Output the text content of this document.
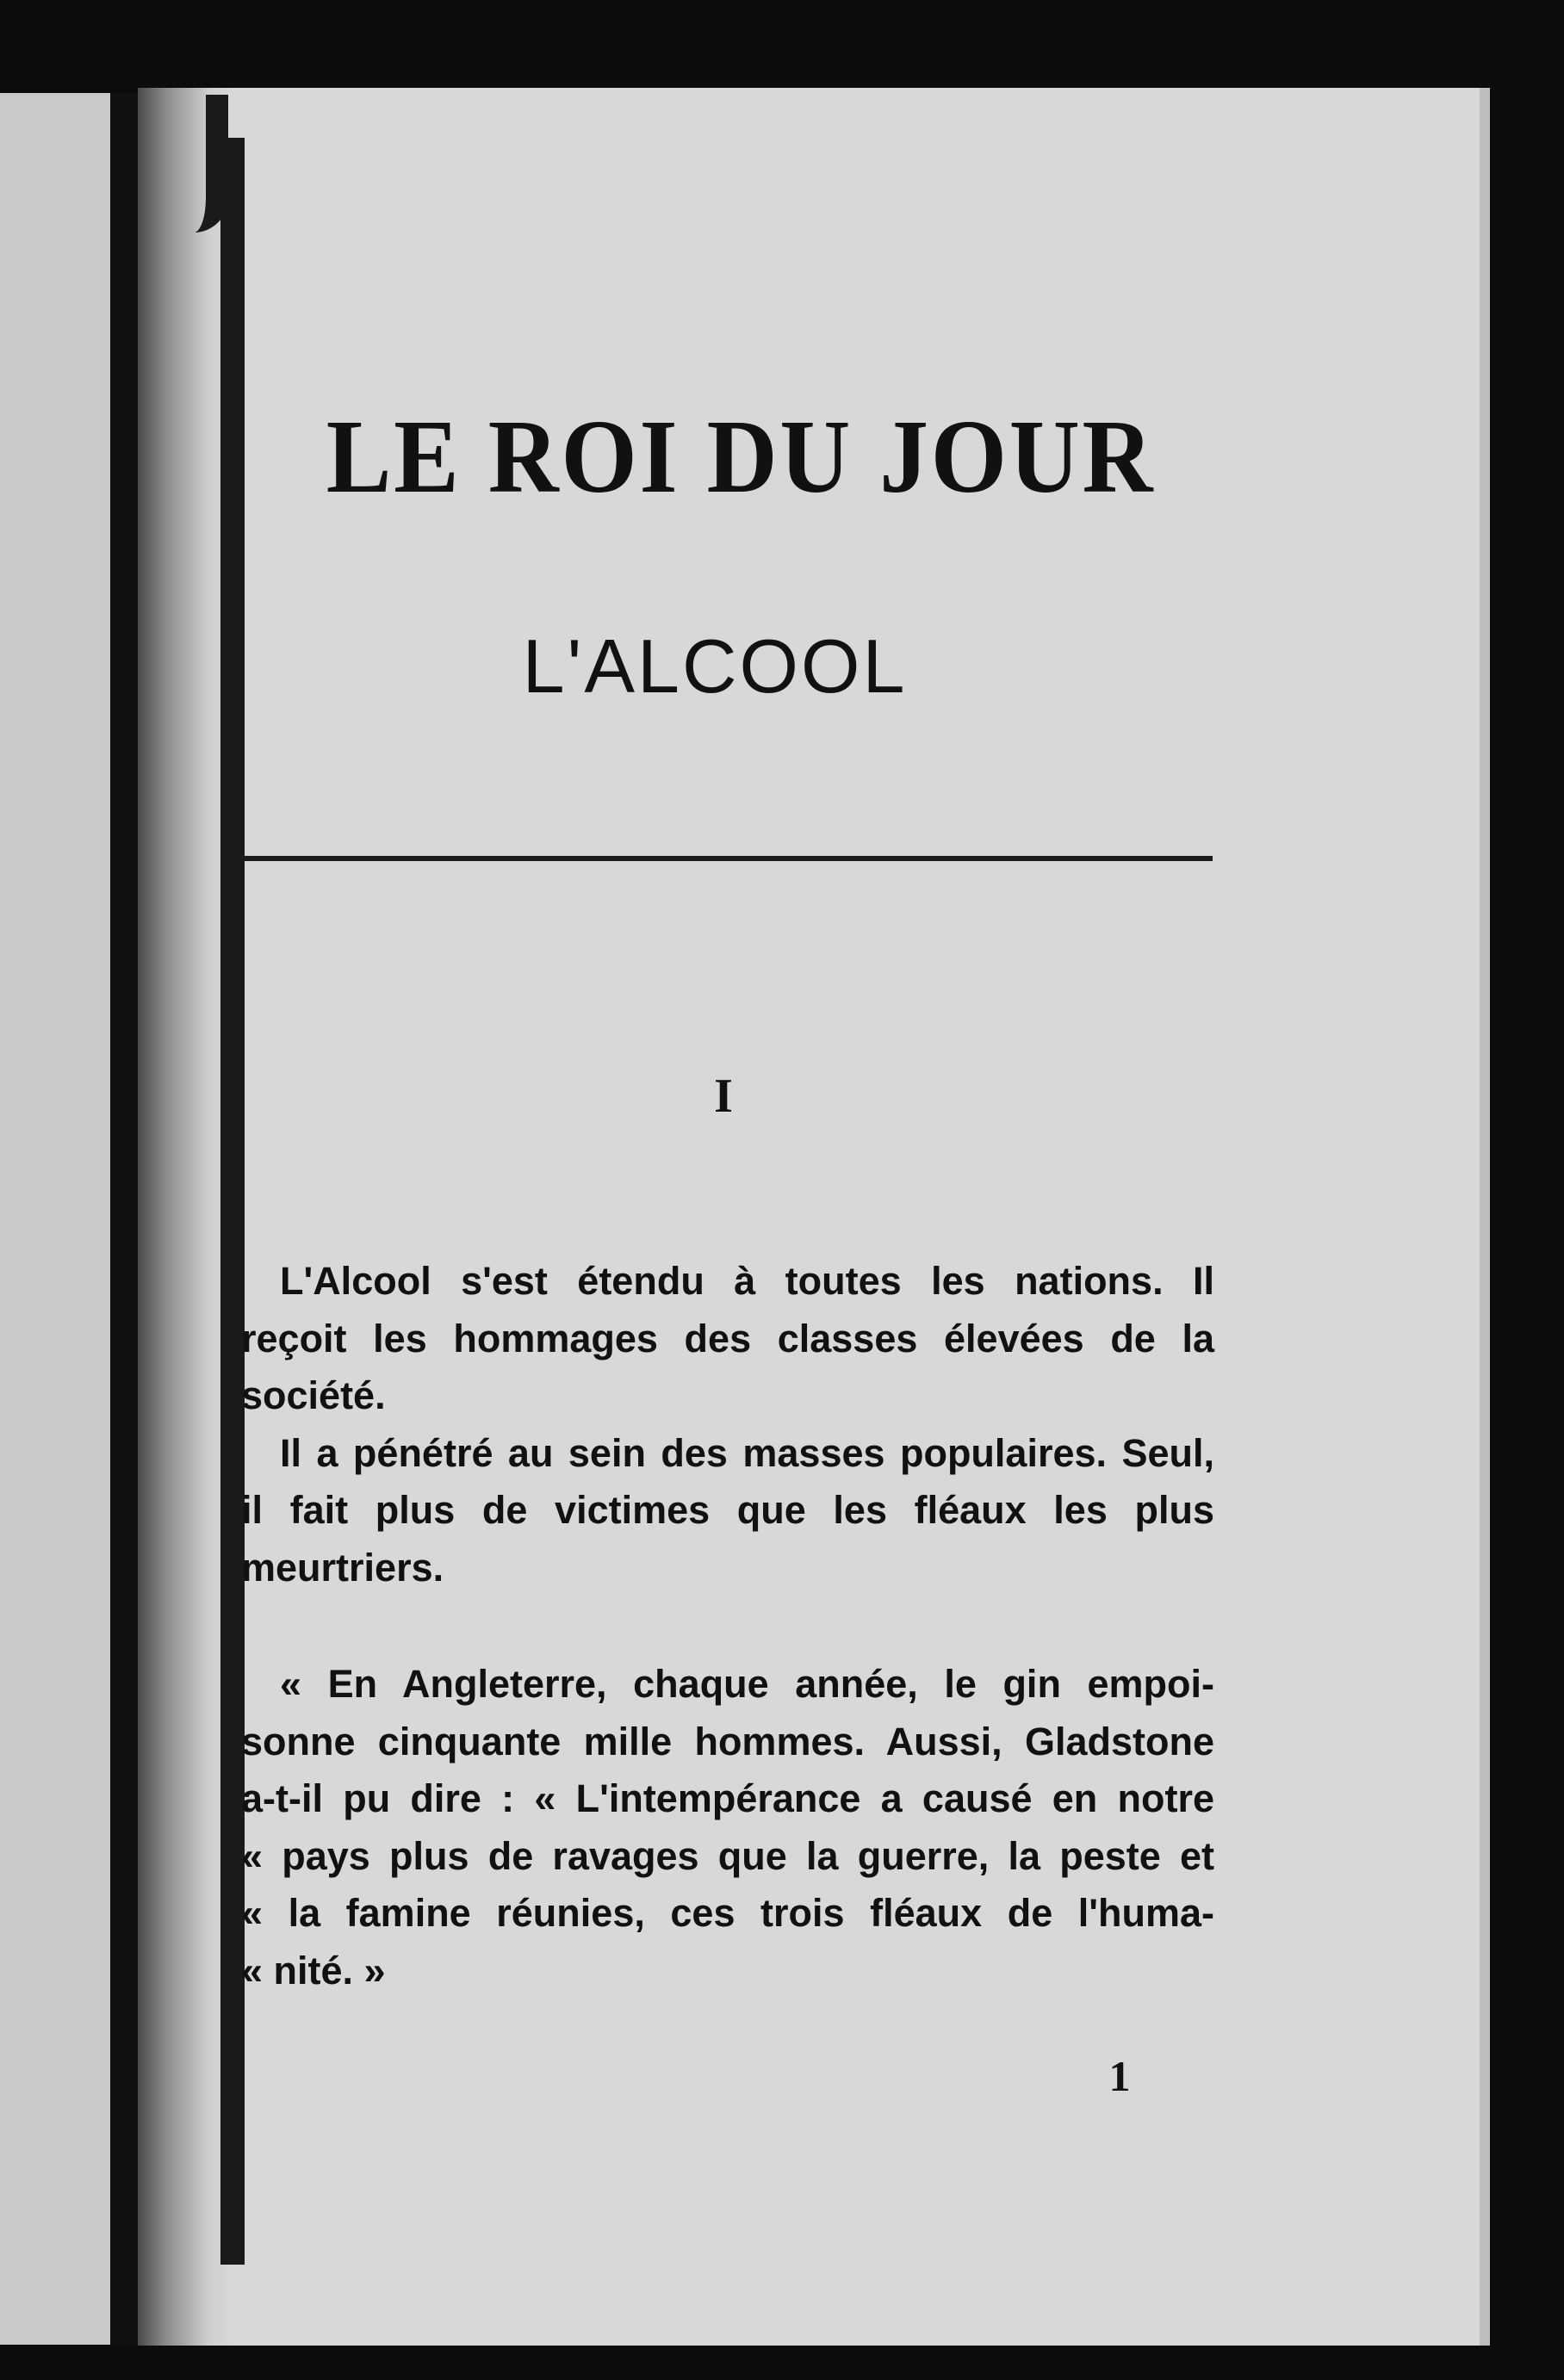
LE ROI DU JOUR
L'ALCOOL
I
L'Alcool s'est étendu à toutes les nations. Il
reçoit les hommages des classes élevées de la
société.
Il a pénétré au sein des masses populaires. Seul,
il fait plus de victimes que les fléaux les plus
meurtriers.
« En Angleterre, chaque année, le gin empoi-
sonne cinquante mille hommes. Aussi, Gladstone
a-t-il pu dire : « L'intempérance a causé en notre
« pays plus de ravages que la guerre, la peste et
« la famine réunies, ces trois fléaux de l'huma-
« nité. »
1
